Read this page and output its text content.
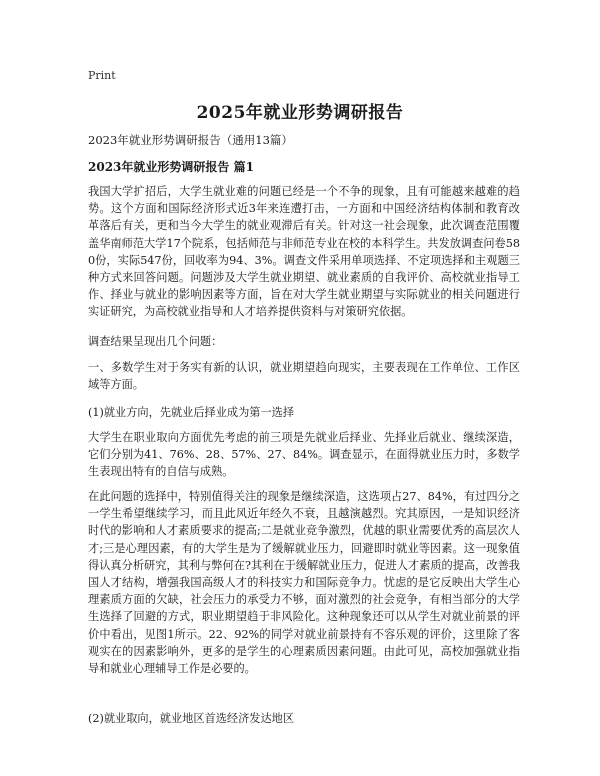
Print
2025年就业形势调研报告
2023年就业形势调研报告（通用13篇）
2023年就业形势调研报告 篇1
我国大学扩招后，大学生就业难的问题已经是一个不争的现象，且有可能越来越难的趋势。这个方面和国际经济形式近3年来连遭打击，一方面和中国经济结构体制和教育改革落后有关，更和当今大学生的就业观滞后有关。针对这一社会现象，此次调查范围覆盖华南师范大学17个院系，包括师范与非师范专业在校的本科学生。共发放调查问卷580份，实际547份，回收率为94、3%。调查文件采用单项选择、不定项选择和主观题三种方式来回答问题。问题涉及大学生就业期望、就业素质的自我评价、高校就业指导工作、择业与就业的影响因素等方面，旨在对大学生就业期望与实际就业的相关问题进行实证研究，为高校就业指导和人才培养提供资料与对策研究依据。
调查结果呈现出几个问题：
一、多数学生对于务实有新的认识，就业期望趋向现实，主要表现在工作单位、工作区域等方面。
(1)就业方向，先就业后择业成为第一选择
大学生在职业取向方面优先考虑的前三项是先就业后择业、先择业后就业、继续深造，它们分别为41、76%、28、57%、27、84%。调查显示，在面得就业压力时，多数学生表现出特有的自信与成熟。
在此问题的选择中，特别值得关注的现象是继续深造，这选项占27、84%，有过四分之一学生希望继续学习，而且此风近年经久不衰，且越演越烈。究其原因，一是知识经济时代的影响和人才素质要求的提高;二是就业竞争激烈，优越的职业需要优秀的高层次人才;三是心理因素，有的大学生是为了缓解就业压力，回避即时就业等因素。这一现象值得认真分析研究，其利与弊何在?其利在于缓解就业压力，促进人才素质的提高，改善我国人才结构，增强我国高级人才的科技实力和国际竞争力。忧虑的是它反映出大学生心理素质方面的欠缺，社会压力的承受力不够，面对激烈的社会竞争，有相当部分的大学生选择了回避的方式，职业期望趋于非风险化。这种现象还可以从学生对就业前景的评价中看出，见图1所示。22、92%的同学对就业前景持有不容乐观的评价，这里除了客观实在的因素影响外，更多的是学生的心理素质因素问题。由此可见，高校加强就业指导和就业心理辅导工作是必要的。
(2)就业取向，就业地区首选经济发达地区
